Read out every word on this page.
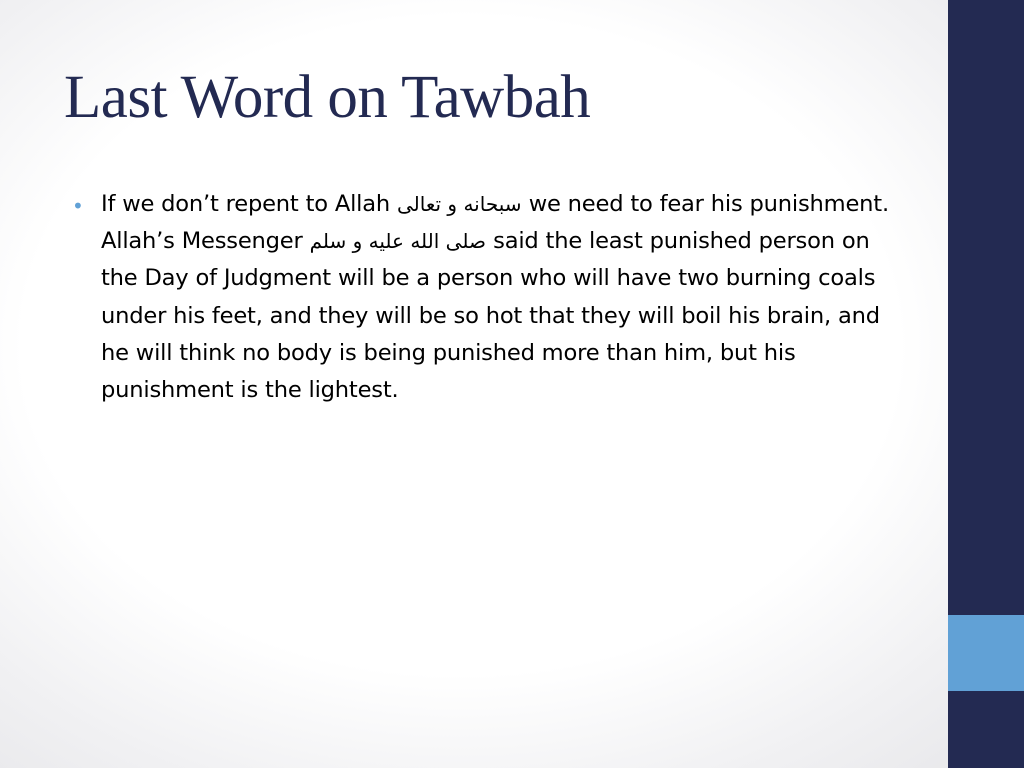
Last Word on Tawbah
• If we don’t repent to Allah سبحانه و تعالى we need to fear his punishment. Allah’s Messenger صلى الله عليه و سلم said the least punished person on the Day of Judgment will be a person who will have two burning coals under his feet, and they will be so hot that they will boil his brain, and he will think no body is being punished more than him, but his punishment is the lightest.
